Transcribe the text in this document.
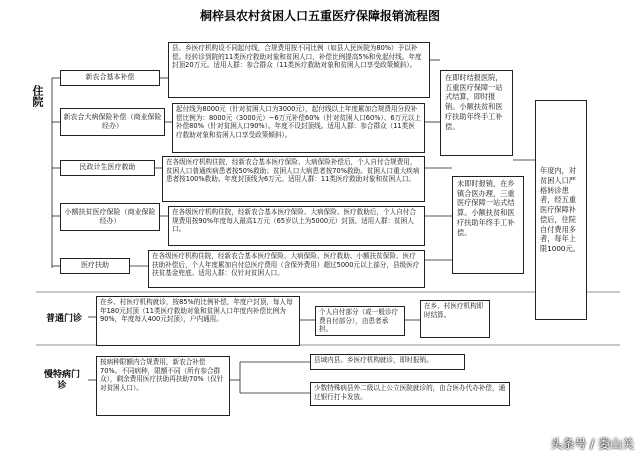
桐梓县农村贫困人口五重医疗保障报销流程图
住院
普通门诊
慢特病门诊
新农合基本补偿
新农合大病保险补偿（商业保险经办）
民政计生医疗救助
小额扶贫医疗保险（商业保险经办）
医疗扶助
县、乡医疗机构设不同起付线，合规费用按不同比例（如县人民医院为80%）予以补偿。经转诊到院的11类医疗救助对象和贫困人口，补偿比例提高5%和免起付线。年度封顶20万元。适用人群：参合群众（11类医疗救助对象和贫困人口享受政策倾斜）。
起付线为8000元（针对贫困人口为3000元），起付线以上年度累加合规费用分段补偿比例为：8000元（3000元）~6万元补偿60%（针对贫困人口60%）、6万元以上补偿80%（针对贫困人口90%）。年度不设封顶线。适用人群：参合群众（11类医疗救助对象和贫困人口享受政策倾斜）。
在各级医疗机构住院，经新农合基本医疗保险、大病保险补偿后，个人自付合规费用，贫困人口普通疾病患者按50%救助；贫困人口大病患者按70%救助。贫困人口重大疾病患者按100%救助。年度封顶线为6万元。适用人群：11类医疗救助对象和贫困人口。
在各级医疗机构住院，经新农合基本医疗保险、大病保险、医疗救助后，个人自付合规费用按90%年度每人最高1万元（65岁以上为5000元）封顶。适用人群：贫困人口。
在各级医疗机构住院，经新农合基本医疗保险、大病保险、医疗救助、小额扶贫保险、医疗扶助补偿后，个人年度累加自付总医疗费用（含保外费用）超过5000元以上部分，县级医疗扶贫基金兜底。适用人群：仅针对贫困人口。
在即时结报医院，五重医疗保障一站式结算，即时报销。小额扶贫和医疗扶助年终手工补偿。
未即时报销，在乡镇合医办理，三重医疗保障一站式结算。小额扶贫和医疗扶助年终手工补偿。
年度内，对贫困人口严格转诊患者，经五重医疗保障补偿后，住院自付费用多者，每年上限1000元。
在乡、村医疗机构就诊，按85%的比例补偿，年度户封顶，每人每年180元封顶（11类医疗救助对象和贫困人口年度内补偿比例为90%，年度每人400元封顶），户内通用。
个人自付部分（或一般诊疗费自付部分），由患者承担。
在乡、村医疗机构即时结算。
按病种限额内合规费用，新农合补偿70%。不同病种，限额不同（所有参合群众），剩余费用医疗扶助再扶助70%（仅针对贫困人口）。
县域内县、乡医疗机构就诊，即时报销。
少数特殊病县外二级以上公立医院就诊的，由合医办代办补偿，通过银行打卡发放。
头条号 / 娄山关
